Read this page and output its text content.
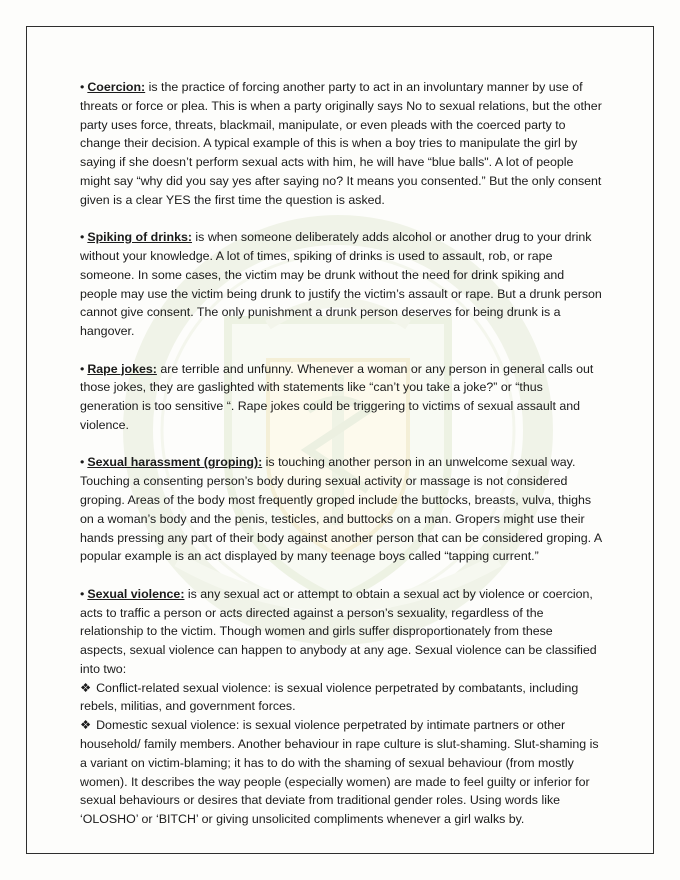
• Coercion: is the practice of forcing another party to act in an involuntary manner by use of threats or force or plea. This is when a party originally says No to sexual relations, but the other party uses force, threats, blackmail, manipulate, or even pleads with the coerced party to change their decision. A typical example of this is when a boy tries to manipulate the girl by saying if she doesn’t perform sexual acts with him, he will have “blue balls". A lot of people might say “why did you say yes after saying no? It means you consented.” But the only consent given is a clear YES the first time the question is asked.

• Spiking of drinks: is when someone deliberately adds alcohol or another drug to your drink without your knowledge. A lot of times, spiking of drinks is used to assault, rob, or rape someone. In some cases, the victim may be drunk without the need for drink spiking and people may use the victim being drunk to justify the victim’s assault or rape. But a drunk person cannot give consent. The only punishment a drunk person deserves for being drunk is a hangover.

• Rape jokes: are terrible and unfunny. Whenever a woman or any person in general calls out those jokes, they are gaslighted with statements like “can’t you take a joke?” or “thus generation is too sensitive “. Rape jokes could be triggering to victims of sexual assault and violence.

• Sexual harassment (groping): is touching another person in an unwelcome sexual way. Touching a consenting person’s body during sexual activity or massage is not considered groping. Areas of the body most frequently groped include the buttocks, breasts, vulva, thighs on a woman’s body and the penis, testicles, and buttocks on a man. Gropers might use their hands pressing any part of their body against another person that can be considered groping. A popular example is an act displayed by many teenage boys called “tapping current.”

• Sexual violence: is any sexual act or attempt to obtain a sexual act by violence or coercion, acts to traffic a person or acts directed against a person’s sexuality, regardless of the relationship to the victim. Though women and girls suffer disproportionately from these aspects, sexual violence can happen to anybody at any age. Sexual violence can be classified into two:

❖ Conflict-related sexual violence: is sexual violence perpetrated by combatants, including rebels, militias, and government forces.

❖ Domestic sexual violence: is sexual violence perpetrated by intimate partners or other household/ family members. Another behaviour in rape culture is slut-shaming. Slut-shaming is a variant on victim-blaming; it has to do with the shaming of sexual behaviour (from mostly women). It describes the way people (especially women) are made to feel guilty or inferior for sexual behaviours or desires that deviate from traditional gender roles. Using words like ‘OLOSHO’ or ‘BITCH’ or giving unsolicited compliments whenever a girl walks by.
